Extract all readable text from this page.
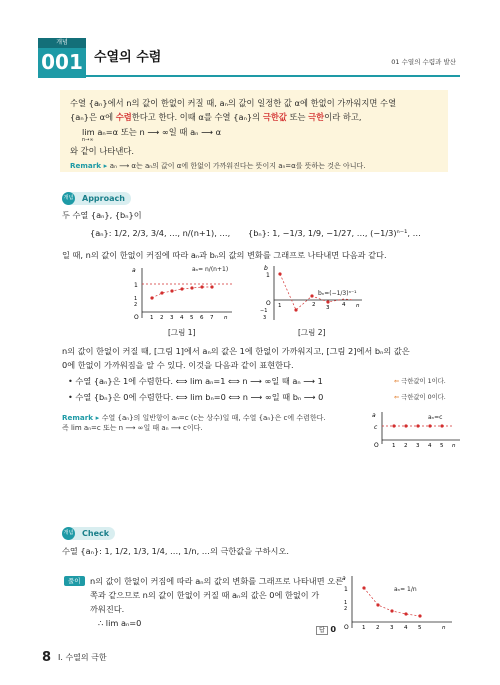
개념
001 수열의 수렴	01 수열의 수렴과 발산
수열 {aₙ}에서 n의 값이 한없이 커질 때, aₙ의 값이 일정한 값 α에 한없이 가까워지면 수열
{aₙ}은 α에 수렴한다고 한다. 이때 α를 수열 {aₙ}의 극한값 또는 극한이라 하고,
lim aₙ=α 또는 n ⟶ ∞일 때 aₙ ⟶ α
n→∞
와 같이 나타낸다.
Remark ▸ aₙ ⟶ α는 aₙ의 값이 α에 한없이 가까워진다는 뜻이지 aₙ=α를 뜻하는 것은 아니다.
Approach
개념
두 수열 {aₙ}, {bₙ}이
{aₙ}: 1/2, 2/3, 3/4, …, n/(n+1), …, {bₙ}: 1, −1/3, 1/9, −1/27, …, (−1/3)ⁿ⁻¹, …
일 때, n의 값이 한없이 커짐에 따라 aₙ과 bₙ의 값의 변화를 그래프로 나타내면 다음과 같다.
a
1
1
2
O 1 2 3 4 5 6 7 n
aₙ= n/(n+1)	b
1
O
−1
3
1	2 3 4 n
bₙ=(−1/3)ⁿ⁻¹
[그림 1]	[그림 2]
n의 값이 한없이 커질 때, [그림 1]에서 aₙ의 값은 1에 한없이 가까워지고, [그림 2]에서 bₙ의 값은
0에 한없이 가까워짐을 알 수 있다. 이것을 다음과 같이 표현한다.
• 수열 {aₙ}은 1에 수렴한다. ⟺ lim aₙ=1 ⟺ n ⟶ ∞일 때 aₙ ⟶ 1	⇐ 극한값이 1이다.
• 수열 {bₙ}은 0에 수렴한다. ⟺ lim bₙ=0 ⟺ n ⟶ ∞일 때 bₙ ⟶ 0	⇐ 극한값이 0이다.
Remark ▸ 수열 {aₙ}의 일반항이 aₙ=c (c는 상수)일 때, 수열 {aₙ}은 c에 수렴한다.
즉 lim aₙ=c 또는 n ⟶ ∞일 때 aₙ ⟶ c이다.
a
c
O 1 2 3 4 5 n
aₙ=c
Check
개념
수열 {aₙ}: 1, 1/2, 1/3, 1/4, …, 1/n, …의 극한값을 구하시오.
풀이	n의 값이 한없이 커짐에 따라 aₙ의 값의 변화를 그래프로 나타내면 오른
쪽과 같으므로 n의 값이 한없이 커질 때 aₙ의 값은 0에 한없이 가
까워진다.
∴ lim aₙ=0
답 0
a
1
1
2
O 1 2 3 4 5	n
aₙ= 1/n
8 I. 수열의 극한
